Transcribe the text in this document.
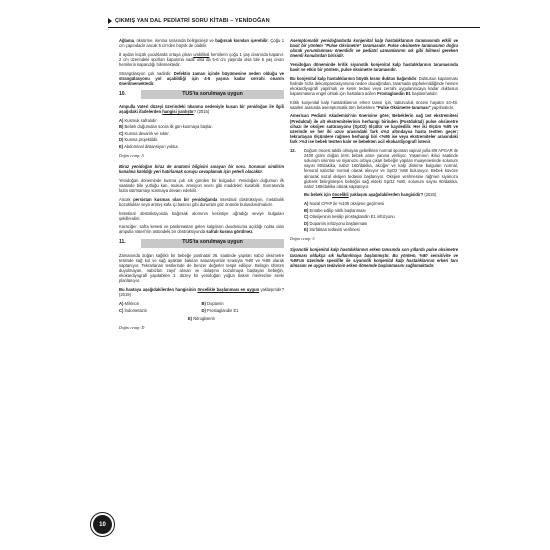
ÇIKMIŞ YAN DAL PEDİATRİ SORU KİTABI – YENİDOĞAN

Ağlama, öksürme, ıkınma sırasında belirginleşir ve bağırsak kısmları içerebilir. Çoğu 1 cm çapındadır ancak 5 cm'den büyük de olabilir.

8 aydan küçük çocuklarda ortaya çıkan umbilikal hernilerin çoğu 1 yaş civarında kapanır. 2 cm üzerindeki sporları kapanma nadir olsa da 5-6 cm yaşında olsa bile 5 yaş civarı hernilerin kapandığı bilinmektedir.

Strangülasyon çok nadirdir. Defektin zaman içinde büyümesine neden olduğu ve strangülasyonu yol açabildiği için 4-5 yaşına kadar cerrahi onarım önerilmemektedir.

10.	TUS'ta sorulmaya uygun

Ampulla Vateri düzeyi üzerindeki tıkanma nedeniyle kusan bir yenidoğan ile ilgili aşağıdaki ifadelerden hangisi yanlıştır? (2015)

A) Kusmuk safralıdır.
B) Bebek doğumdan sonra ilk gün kusmaya başlar.
C) Kusma devamlı ve sıktır.
D) Kusma projektildir.
E) Abdominal distansiyon yoktur.
Doğru cevap: A

Biraz yenidoğan biraz de anatomi bilgisini sınayan bir soru. Sorunun sindirim kanalına katıldığı yeri hatırlamak soruyu cevaplamak için yeterli olacaktır.

Yenidoğan döneminde kusma çok sık görülen bir bulgudur. Yenidoğan doğumun ilk saatinde bile yutluğu kan, mukus, amniyon sıvısı gibi maddeleri kusabilir. Sonrasında fazla süt/mamayı kusmaya devam edebilir.

Ancak persistan kusmas olan bir yenidoğanda intestinal obstrüksiyon, metabolik bozukluklar veya artmış kafa içi basıncı gibi durumlar göz önünde bulundurulmalıdır.

İntestinal obstrüksiyonda bağırsak akımının kesintiye uğradığı seviye bulguları şekillendirir.

Karaciğer, safra kesesi ve pankreastan gelen salgıların duodenuma açıldığı nokta olan ampulla Vateri'nin üstündeki bir obstrüksiyonda safralı kusma görülmez.

11.	TUS'ta sorulmaya uygun

Zamanında doğan sağlıklı bir bebeğe postnatal 36. saatinde yapılan nabız oksimetre testinde sağ kol ve sağ ayaktan bakılan saturasyonlar sırasıyla %90 ve %88 olarak saptanıyor. Tekrarlanan testlerinde de benzer değerler tespit ediliyor. Belirgin üfürüm duyulmayan, nabızları zayıf alınan ve dolaşımı bozulmaya başlayan bebeğin, ekokardiyografi yapılabilen 3. düzey bir yenidoğan yoğun bakım merkezine sevki planlanıyor.

Bu hastaya aşağıdakilerden hangisinin öncelikle başlanması en uygun yaklaşımdır? (2019)

A) Milrinon	B) Dopamin
C) İndometazin	D) Prostaglandin E1
E) Nitrogliserin
Doğru cevap: D

Asemptomatik yenidoğanlarda konjenital kalp hastalıklarının taramasında etkili ve basit bir yöntem "Pulse Oksimetre" taramasıdır. Pulse oksimetre taramasının doğru olarak yorumlanması önemlidir ve pediatri uzmanlarının sık gibi bilmesi gereken önemli konulardan birisidir.

Yenidoğan döneminde kritik siyanotik konjenital kalp hastalıklarının taramasında basit ve etkin bir yöntem, pulse oksimetre taramasıdır.

Bu konjenital kalp hastalıklarının büyük kısmı duktus bağımlıdır. Duktusun kapanması halinde hızla dekompanzasyonuna neden olacağından, taramada şüphelenildiğinde hemen ekokardiyografi yapılmalı ve kesin tedavi veya cerrahi uygulanıncaya kadar duktusun kapanmasına engel olmak için hastalara acilen Prostaglandin E1 başlanmalıdır.

Kritik konjenital kalp hastalıklarının erken tanısı için, taburculuk öncesi hayatın 24-48. saatleri arasında asemptomatik tüm bebeklere "Pulse Oksimetre taraması" yapılmalıdır.

American Pediatri Akademisi'nin önerisine göre; Bebeklerin sağ üst ekstremitesi (Preduktal) ile alt ekstremitelerinin herhangi birinden (Postduktal) pulse oksimetre cihazı ile oksijen satürasyonu (SpO2) ölçülür ve kaydedilir. Her iki ölçüm %95 ve üzerinde ve her iki uzuv arasındaki fark ≤%3 altındaysa hasta testten geçer; tekrarlayan ölçümlere rağmen herhangi biri <%95 ise veya ekstremiteler arasındaki fark >%3 ise bebek testten kalır ve bebekten acil ekokardiyografi istenir.

12.	Doğum öncesi takibi olmayan gebelikten normal spontan vajinal yolla 8/9 APGAR ile 2400 gram doğan term bebek anne yanına veriliyor. Yaşamının ikinci saatinde solunum sıkıntısı ve siyanozu ortaya çıkan bebeğin yapılan muayenesinde solunum sayısı 80/dakika, nabız 160/dakika, akciğer ve kalp dinleme bulguları normal, femoral nabızlar normal olarak alınıyor ve SpO2 %88 bulunuyor. Bebek küvöze alınarak nazal oksijen tedavisi başlanıyor. Oksijen verilmesine rağmen siyanozu giderek belirginleşen bebeğin sağ eldeki SpO2 %80, solunum sayısı 80/dakika, nabız 180/dakika olarak saptanıyor.

Bu bebek için öncelikli yaklaşım aşağıdakilerden hangisidir? (2020)

A) Nazal CPAP ile %100 oksijene geçilmesi
B) Entübe edilip nitrik başlanması
C) Olasijeninin kesilip prostaglandin E1 infüzyonu
D) Dopamin infüzyonu başlanması
E) Sürfaktan tedavisi verilmesi
Doğru cevap: C

Siyanotik konjenital kalp hastalıklarının erken tanısında son yıllarda pulse oksimetre taraması oldukça sık kullanılmaya başlanmıştır. Bu yöntem, %80 sensitivite ve %99'un üzerinde spesifite ile siyanotik konjenital kalp hastalıklarının erken tanı almasını ve uygun tedavinin erken dönemde başlanmasını sağlamaktadır.

10
